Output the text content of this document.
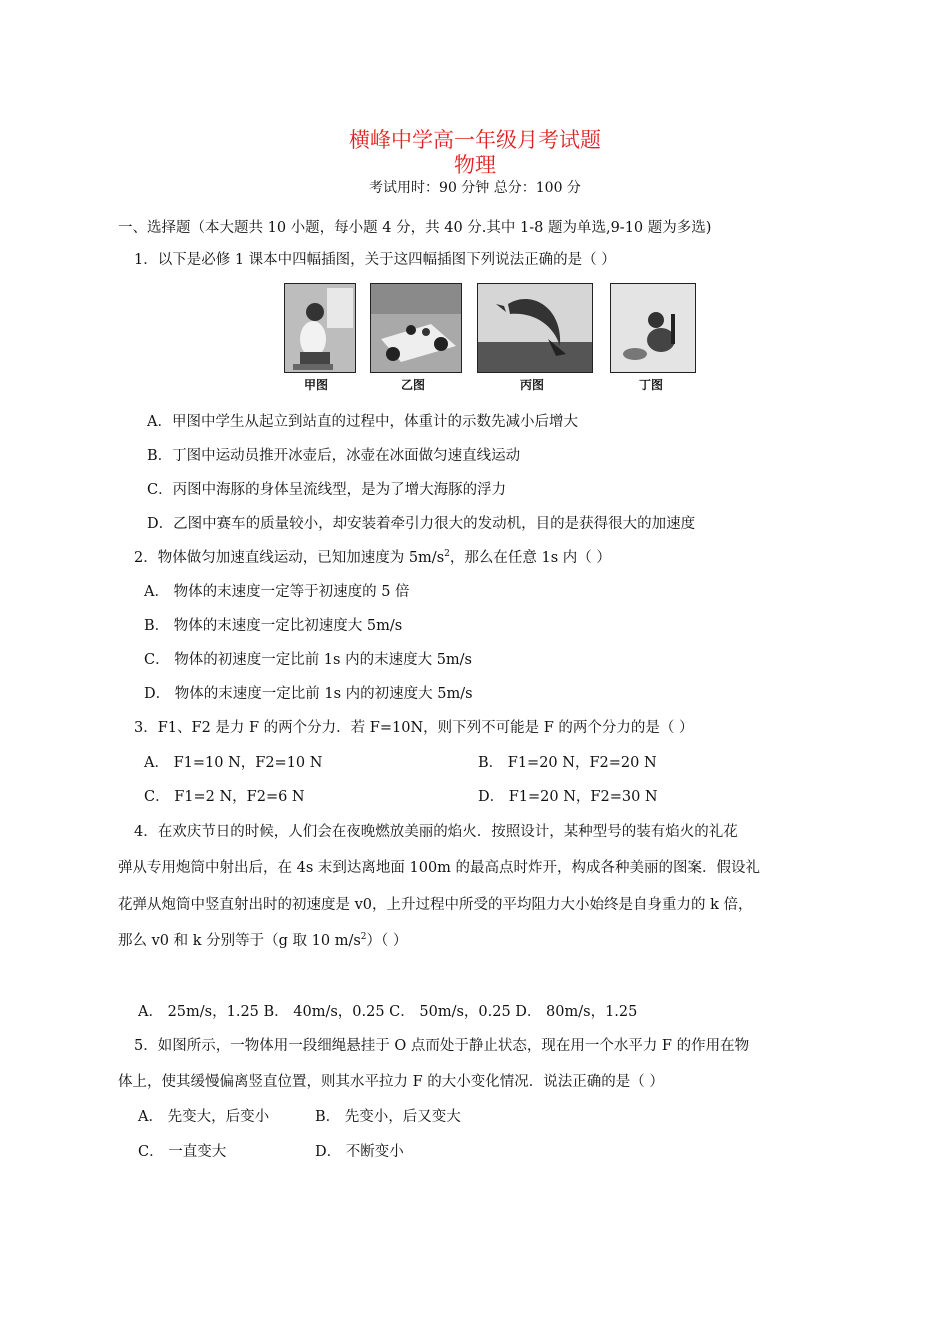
横峰中学高一年级月考试题
物理
考试用时：90 分钟 总分：100 分
一、选择题（本大题共 10 小题，每小题 4 分，共 40 分.其中 1-8 题为单选,9-10 题为多选)
1．以下是必修 1 课本中四幅插图，关于这四幅插图下列说法正确的是（ ）
甲图	乙图	丙图	丁图
A．甲图中学生从起立到站直的过程中，体重计的示数先减小后增大
B．丁图中运动员推开冰壶后，冰壶在冰面做匀速直线运动
C．丙图中海豚的身体呈流线型，是为了增大海豚的浮力
D．乙图中赛车的质量较小，却安装着牵引力很大的发动机，目的是获得很大的加速度
2．物体做匀加速直线运动，已知加速度为 $5m/s^2$，那么在任意 1s 内（ ）
A． 物体的末速度一定等于初速度的 5 倍
B． 物体的末速度一定比初速度大 5m/s
C． 物体的初速度一定比前 1s 内的末速度大 5m/s
D． 物体的末速度一定比前 1s 内的初速度大 5m/s
3．F1、F2 是力 F 的两个分力．若 F=10N，则下列不可能是 F 的两个分力的是（ ）
A． F1=10 N，F2=10 N	B． F1=20 N，F2=20 N
C． F1=2 N，F2=6 N	D． F1=20 N，F2=30 N
4．在欢庆节日的时候，人们会在夜晚燃放美丽的焰火．按照设计，某种型号的装有焰火的礼花
弹从专用炮筒中射出后，在 4s 末到达离地面 100m 的最高点时炸开，构成各种美丽的图案．假设礼
花弹从炮筒中竖直射出时的初速度是 v0，上升过程中所受的平均阻力大小始终是自身重力的 k 倍，
那么 v0 和 k 分别等于（g 取 10 $m/s^2$）（ ）
A． 25m/s，1.25 B． 40m/s，0.25 C． 50m/s，0.25 D． 80m/s，1.25
5．如图所示，一物体用一段细绳悬挂于 O 点而处于静止状态，现在用一个水平力 F 的作用在物
体上，使其缓慢偏离竖直位置，则其水平拉力 F 的大小变化情况．说法正确的是（ ）
A． 先变大，后变小	B． 先变小，后又变大
C． 一直变大	D． 不断变小
